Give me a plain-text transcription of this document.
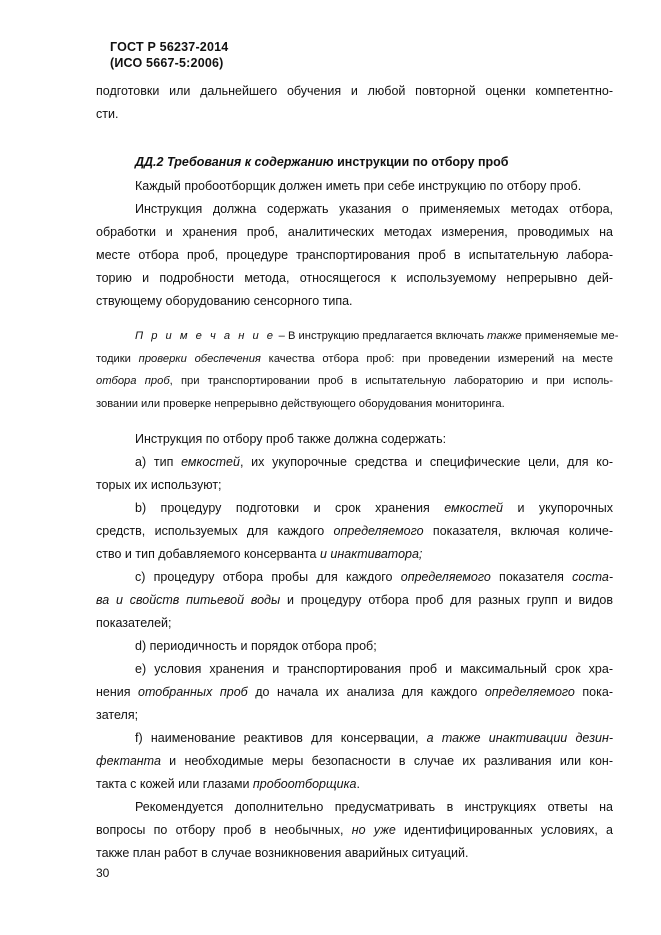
ГОСТ Р 56237-2014
(ИСО 5667-5:2006)
подготовки или дальнейшего обучения и любой повторной оценки компетентно-
сти.
ДД.2 Требования к содержанию инструкции по отбору проб
Каждый пробоотборщик должен иметь при себе инструкцию по отбору проб.
Инструкция должна содержать указания о применяемых методах отбора,
обработки и хранения проб, аналитических методах измерения, проводимых на
месте отбора проб, процедуре транспортирования проб в испытательную лабора-
торию и подробности метода, относящегося к используемому непрерывно дей-
ствующему оборудованию сенсорного типа.
П р и м е ч а н и е – В инструкцию предлагается включать также применяемые ме-
тодики проверки обеспечения качества отбора проб: при проведении измерений на месте
отбора проб, при транспортировании проб в испытательную лабораторию и при исполь-
зовании или проверке непрерывно действующего оборудования мониторинга.
Инструкция по отбору проб также должна содержать:
а) тип емкостей, их укупорочные средства и специфические цели, для ко-
торых их используют;
b) процедуру подготовки и срок хранения емкостей и укупорочных
средств, используемых для каждого определяемого показателя, включая количе-
ство и тип добавляемого консерванта и инактиватора;
c) процедуру отбора пробы для каждого определяемого показателя соста-
ва и свойств питьевой воды и процедуру отбора проб для разных групп и видов
показателей;
d) периодичность и порядок отбора проб;
e) условия хранения и транспортирования проб и максимальный срок хра-
нения отобранных проб до начала их анализа для каждого определяемого пока-
зателя;
f) наименование реактивов для консервации, а также инактивации дезин-
фектанта и необходимые меры безопасности в случае их разливания или кон-
такта с кожей или глазами пробоотборщика.
Рекомендуется дополнительно предусматривать в инструкциях ответы на
вопросы по отбору проб в необычных, но уже идентифицированных условиях, а
также план работ в случае возникновения аварийных ситуаций.
30
